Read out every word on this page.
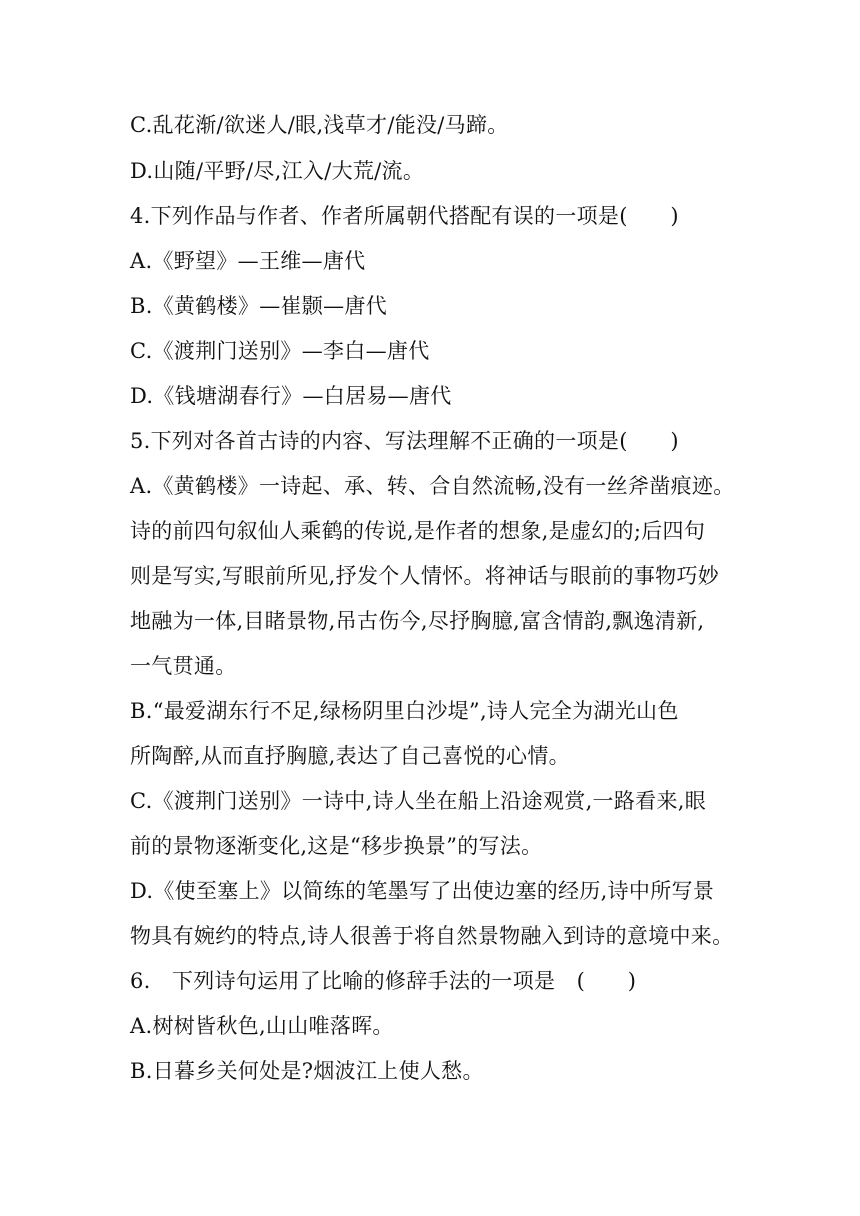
C.乱花渐/欲迷人/眼,浅草才/能没/马蹄。
D.山随/平野/尽,江入/大荒/流。
4.下列作品与作者、作者所属朝代搭配有误的一项是(　　)
A.《野望》—王维—唐代
B.《黄鹤楼》—崔颢—唐代
C.《渡荆门送别》—李白—唐代
D.《钱塘湖春行》—白居易—唐代
5.下列对各首古诗的内容、写法理解不正确的一项是(　　)
A.《黄鹤楼》一诗起、承、转、合自然流畅,没有一丝斧凿痕迹。
诗的前四句叙仙人乘鹤的传说,是作者的想象,是虚幻的;后四句
则是写实,写眼前所见,抒发个人情怀。将神话与眼前的事物巧妙
地融为一体,目睹景物,吊古伤今,尽抒胸臆,富含情韵,飘逸清新,
一气贯通。
B.“最爱湖东行不足,绿杨阴里白沙堤”,诗人完全为湖光山色
所陶醉,从而直抒胸臆,表达了自己喜悦的心情。
C.《渡荆门送别》一诗中,诗人坐在船上沿途观赏,一路看来,眼
前的景物逐渐变化,这是“移步换景”的写法。
D.《使至塞上》以简练的笔墨写了出使边塞的经历,诗中所写景
物具有婉约的特点,诗人很善于将自然景物融入到诗的意境中来。
6.　下列诗句运用了比喻的修辞手法的一项是　(　　)
A.树树皆秋色,山山唯落晖。
B.日暮乡关何处是?烟波江上使人愁。
